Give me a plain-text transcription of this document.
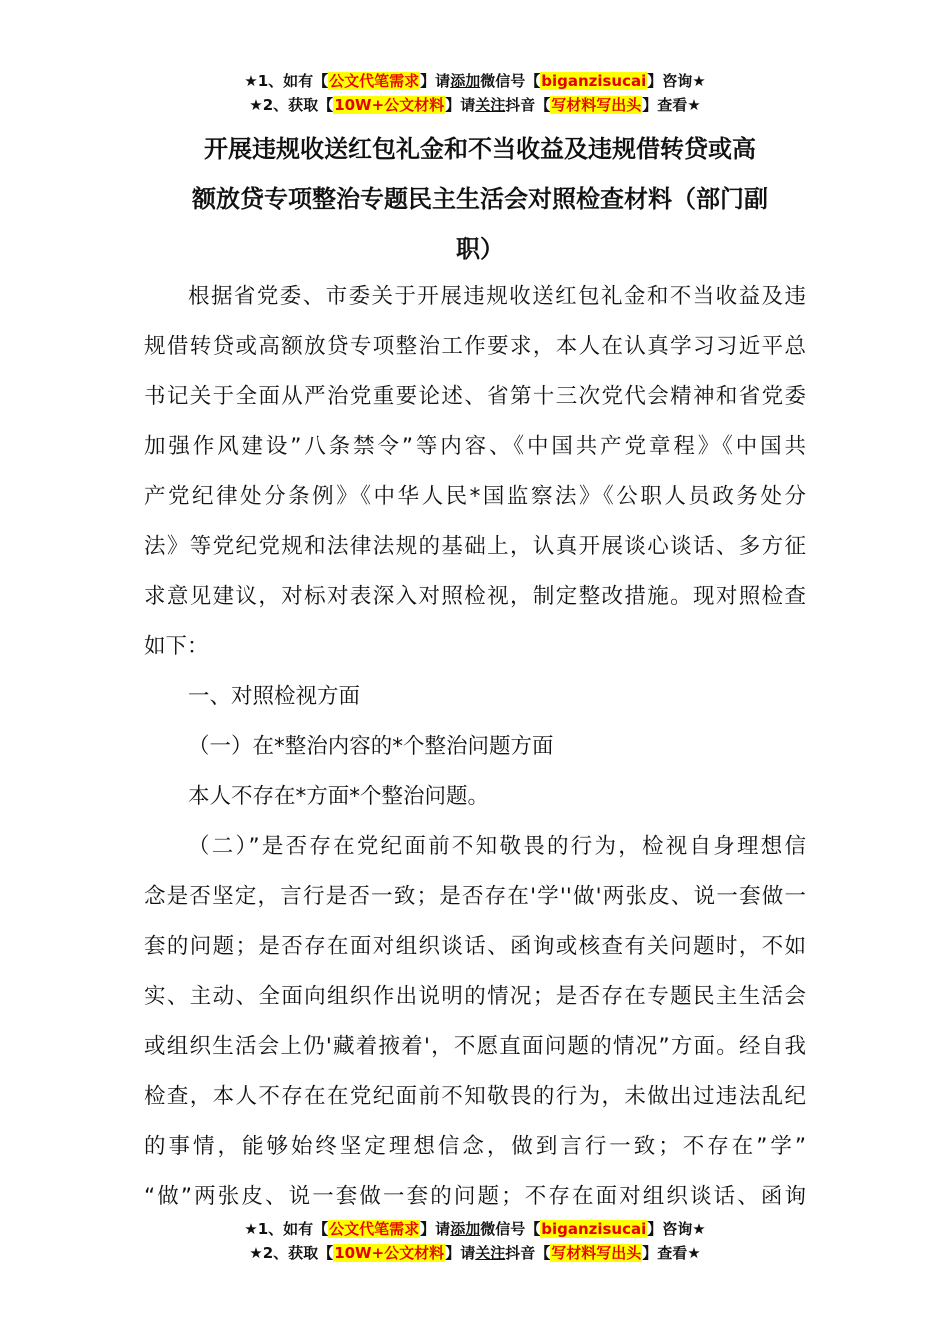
★1、如有【公文代笔需求】请添加微信号【biganzisucai】咨询★
★2、获取【10W+公文材料】请关注抖音【写材料写出头】查看★
开展违规收送红包礼金和不当收益及违规借转贷或高
额放贷专项整治专题民主生活会对照检查材料（部门副
职）
根据省党委、市委关于开展违规收送红包礼金和不当收益及违
规借转贷或高额放贷专项整治工作要求，本人在认真学习习近平总
书记关于全面从严治党重要论述、省第十三次党代会精神和省党委
加强作风建设”八条禁令”等内容、《中国共产党章程》《中国共
产党纪律处分条例》《中华人民*国监察法》《公职人员政务处分
法》等党纪党规和法律法规的基础上，认真开展谈心谈话、多方征
求意见建议，对标对表深入对照检视，制定整改措施。现对照检查
如下：
一、对照检视方面
（一）在*整治内容的*个整治问题方面
本人不存在*方面*个整治问题。
（二）”是否存在党纪面前不知敬畏的行为，检视自身理想信
念是否坚定，言行是否一致；是否存在'学''做'两张皮、说一套做一
套的问题；是否存在面对组织谈话、函询或核查有关问题时，不如
实、主动、全面向组织作出说明的情况；是否存在专题民主生活会
或组织生活会上仍'藏着掖着'，不愿直面问题的情况”方面。经自我
检查，本人不存在在党纪面前不知敬畏的行为，未做出过违法乱纪
的事情，能够始终坚定理想信念，做到言行一致；不存在”学”
“做”两张皮、说一套做一套的问题；不存在面对组织谈话、函询
★1、如有【公文代笔需求】请添加微信号【biganzisucai】咨询★
★2、获取【10W+公文材料】请关注抖音【写材料写出头】查看★
